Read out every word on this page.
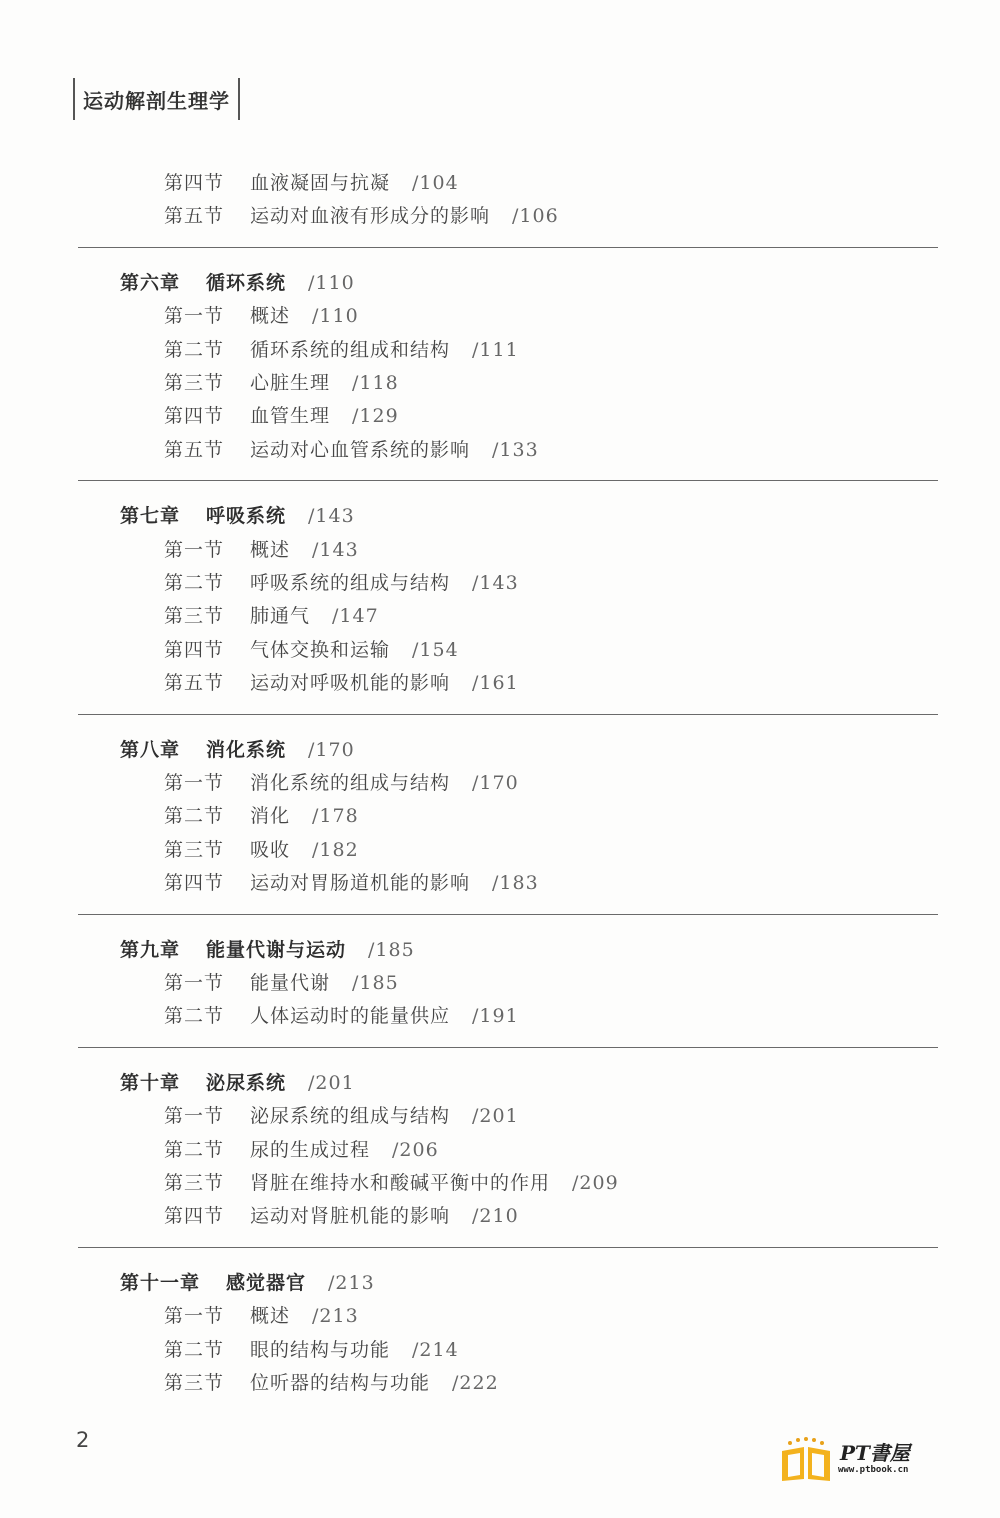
运动解剖生理学
第四节 血液凝固与抗凝 /104
第五节 运动对血液有形成分的影响 /106
第六章 循环系统 /110
第一节 概述 /110
第二节 循环系统的组成和结构 /111
第三节 心脏生理 /118
第四节 血管生理 /129
第五节 运动对心血管系统的影响 /133
第七章 呼吸系统 /143
第一节 概述 /143
第二节 呼吸系统的组成与结构 /143
第三节 肺通气 /147
第四节 气体交换和运输 /154
第五节 运动对呼吸机能的影响 /161
第八章 消化系统 /170
第一节 消化系统的组成与结构 /170
第二节 消化 /178
第三节 吸收 /182
第四节 运动对胃肠道机能的影响 /183
第九章 能量代谢与运动 /185
第一节 能量代谢 /185
第二节 人体运动时的能量供应 /191
第十章 泌尿系统 /201
第一节 泌尿系统的组成与结构 /201
第二节 尿的生成过程 /206
第三节 肾脏在维持水和酸碱平衡中的作用 /209
第四节 运动对肾脏机能的影响 /210
第十一章 感觉器官 /213
第一节 概述 /213
第二节 眼的结构与功能 /214
第三节 位听器的结构与功能 /222
2
PT書屋
www.ptbook.cn
